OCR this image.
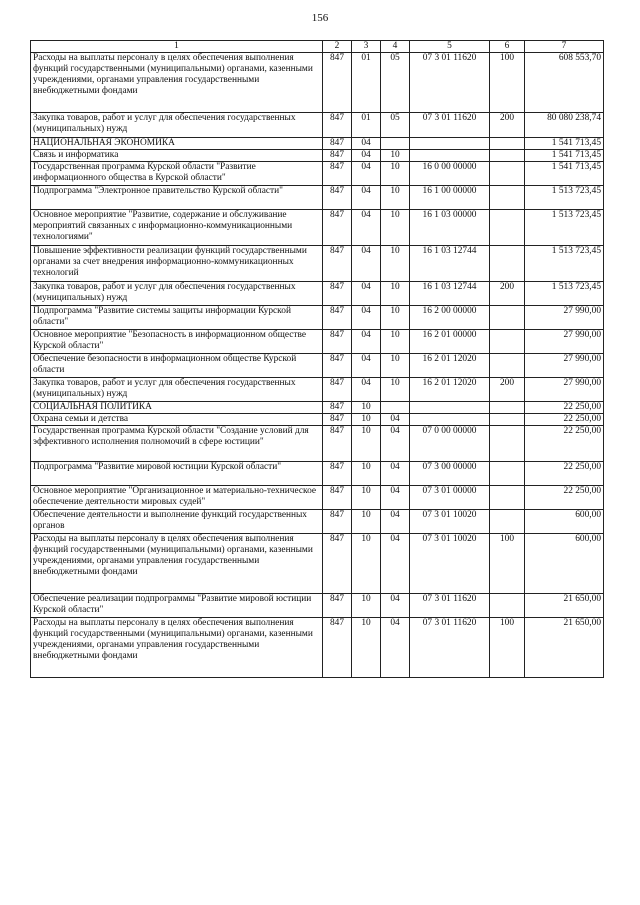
156
1	2	3	4	5	6	7
Расходы на выплаты персоналу в целях обеспечения выполнения функций государственными (муниципальными) органами, казенными учреждениями, органами управления государственными внебюджетными фондами	847	01	05	07 3 01 11620	100	608 553,70
Закупка товаров, работ и услуг для обеспечения государственных (муниципальных) нужд	847	01	05	07 3 01 11620	200	80 080 238,74
НАЦИОНАЛЬНАЯ ЭКОНОМИКА	847	04				1 541 713,45
Связь и информатика	847	04	10			1 541 713,45
Государственная программа Курской области "Развитие информационного общества в Курской области"	847	04	10	16 0 00 00000		1 541 713,45
Подпрограмма "Электронное правительство Курской области"	847	04	10	16 1 00 00000		1 513 723,45
Основное мероприятие "Развитие, содержание и обслуживание мероприятий связанных с информационно-коммуникационными технологиями"	847	04	10	16 1 03 00000		1 513 723,45
Повышение эффективности реализации функций государственными органами за счет внедрения информационно-коммуникационных технологий	847	04	10	16 1 03 12744		1 513 723,45
Закупка товаров, работ и услуг для обеспечения государственных (муниципальных) нужд	847	04	10	16 1 03 12744	200	1 513 723,45
Подпрограмма "Развитие системы защиты информации Курской области"	847	04	10	16 2 00 00000		27 990,00
Основное мероприятие "Безопасность в информационном обществе Курской области"	847	04	10	16 2 01 00000		27 990,00
Обеспечение безопасности в информационном обществе Курской области	847	04	10	16 2 01 12020		27 990,00
Закупка товаров, работ и услуг для обеспечения государственных (муниципальных) нужд	847	04	10	16 2 01 12020	200	27 990,00
СОЦИАЛЬНАЯ ПОЛИТИКА	847	10				22 250,00
Охрана семьи и детства	847	10	04			22 250,00
Государственная программа Курской области "Создание условий для эффективного исполнения полномочий в сфере юстиции"	847	10	04	07 0 00 00000		22 250,00
Подпрограмма "Развитие мировой юстиции Курской области"	847	10	04	07 3 00 00000		22 250,00
Основное мероприятие "Организационное и материально-техническое обеспечение деятельности мировых судей"	847	10	04	07 3 01 00000		22 250,00
Обеспечение деятельности и выполнение функций государственных органов	847	10	04	07 3 01 10020		600,00
Расходы на выплаты персоналу в целях обеспечения выполнения функций государственными (муниципальными) органами, казенными учреждениями, органами управления государственными внебюджетными фондами	847	10	04	07 3 01 10020	100	600,00
Обеспечение реализации подпрограммы "Развитие мировой юстиции Курской области"	847	10	04	07 3 01 11620		21 650,00
Расходы на выплаты персоналу в целях обеспечения выполнения функций государственными (муниципальными) органами, казенными учреждениями, органами управления государственными внебюджетными фондами	847	10	04	07 3 01 11620	100	21 650,00
